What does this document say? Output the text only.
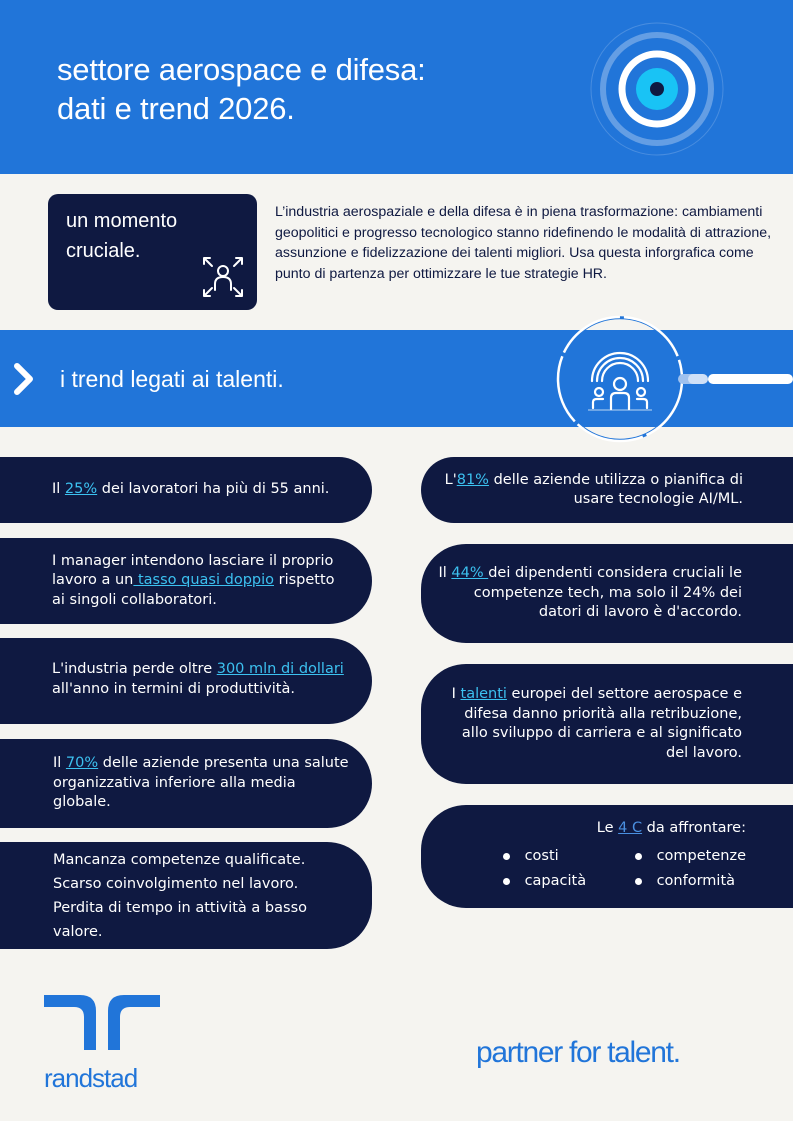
settore aerospace e difesa:
dati e trend 2026.
un momento
cruciale.
L’industria aerospaziale e della difesa è in piena trasformazione: cambiamenti geopolitici e progresso tecnologico stanno ridefinendo le modalità di attrazione, assunzione e fidelizzazione dei talenti migliori. Usa questa inforgrafica come punto di partenza per ottimizzare le tue strategie HR.
i trend legati ai talenti.
Il 25% dei lavoratori ha più di 55 anni.
I manager intendono lasciare il proprio lavoro a un tasso quasi doppio rispetto ai singoli collaboratori.
L'industria perde oltre 300 mln di dollari all'anno in termini di produttività.
Il 70% delle aziende presenta una salute organizzativa inferiore alla media globale.
Mancanza competenze qualificate.
Scarso coinvolgimento nel lavoro.
Perdita di tempo in attività a basso valore.
L'81% delle aziende utilizza o pianifica di usare tecnologie AI/ML.
Il 44% dei dipendenti considera cruciali le competenze tech, ma solo il 24% dei datori di lavoro è d'accordo.
I talenti europei del settore aerospace e difesa danno priorità alla retribuzione, allo sviluppo di carriera e al significato del lavoro.
Le 4 C da affrontare:
costi	competenze
capacità	conformità
randstad
partner for talent.
